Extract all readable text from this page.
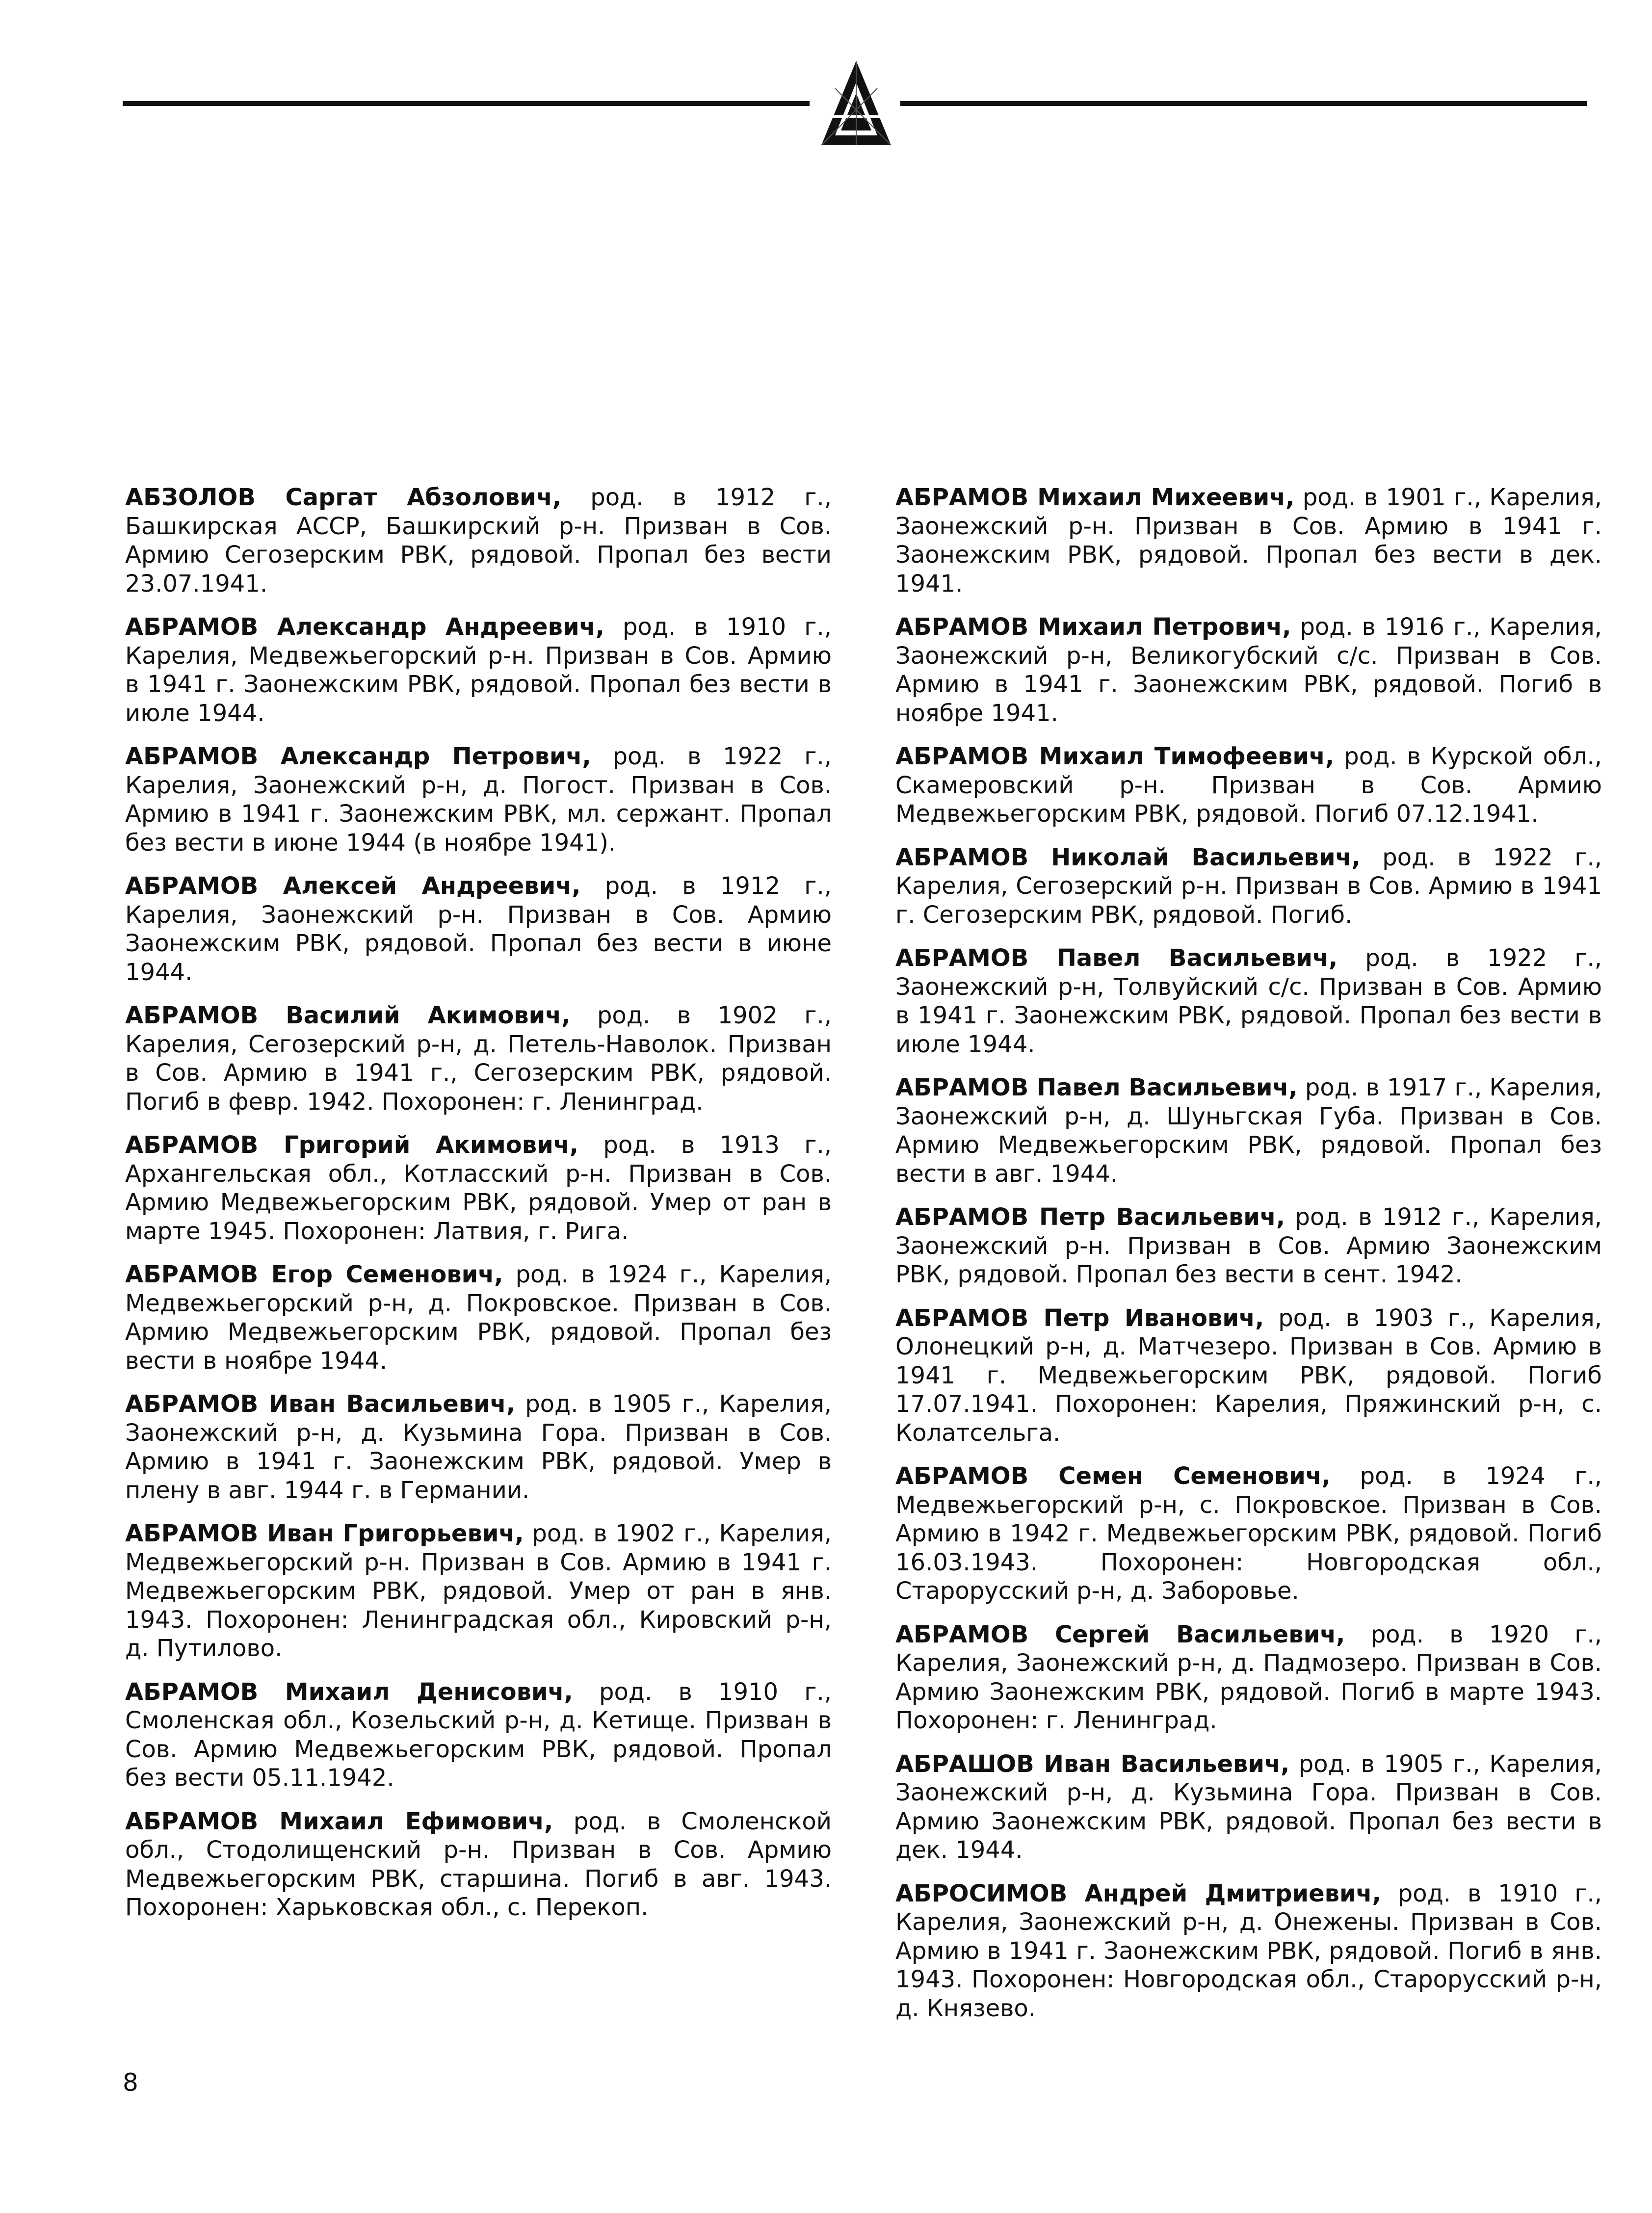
АБЗОЛОВ Саргат Абзолович, род. в 1912 г., Башкирская АССР, Башкирский р-н. Призван в Сов. Армию Сегозерским РВК, рядовой. Пропал без вести 23.07.1941.

АБРАМОВ Александр Андреевич, род. в 1910 г., Карелия, Медвежьегорский р-н. Призван в Сов. Армию в 1941 г. Заонежским РВК, рядовой. Пропал без вести в июле 1944.

АБРАМОВ Александр Петрович, род. в 1922 г., Карелия, Заонежский р-н, д. Погост. Призван в Сов. Армию в 1941 г. Заонежским РВК, мл. сержант. Пропал без вести в июне 1944 (в ноябре 1941).

АБРАМОВ Алексей Андреевич, род. в 1912 г., Карелия, Заонежский р-н. Призван в Сов. Армию Заонежским РВК, рядовой. Пропал без вести в июне 1944.

АБРАМОВ Василий Акимович, род. в 1902 г., Карелия, Сегозерский р-н, д. Петель-Наволок. Призван в Сов. Армию в 1941 г., Сегозерским РВК, рядовой. Погиб в февр. 1942. Похоронен: г. Ленинград.

АБРАМОВ Григорий Акимович, род. в 1913 г., Архангельская обл., Котласский р-н. Призван в Сов. Армию Медвежьегорским РВК, рядовой. Умер от ран в марте 1945. Похоронен: Латвия, г. Рига.

АБРАМОВ Егор Семенович, род. в 1924 г., Карелия, Медвежьегорский р-н, д. Покровское. Призван в Сов. Армию Медвежьегорским РВК, рядовой. Пропал без вести в ноябре 1944.

АБРАМОВ Иван Васильевич, род. в 1905 г., Карелия, Заонежский р-н, д. Кузьмина Гора. Призван в Сов. Армию в 1941 г. Заонежским РВК, рядовой. Умер в плену в авг. 1944 г. в Германии.

АБРАМОВ Иван Григорьевич, род. в 1902 г., Карелия, Медвежьегорский р-н. Призван в Сов. Армию в 1941 г. Медвежьегорским РВК, рядовой. Умер от ран в янв. 1943. Похоронен: Ленинградская обл., Кировский р-н, д. Путилово.

АБРАМОВ Михаил Денисович, род. в 1910 г., Смоленская обл., Козельский р-н, д. Кетище. Призван в Сов. Армию Медвежьегорским РВК, рядовой. Пропал без вести 05.11.1942.

АБРАМОВ Михаил Ефимович, род. в Смоленской обл., Стодолищенский р-н. Призван в Сов. Армию Медвежьегорским РВК, старшина. Погиб в авг. 1943. Похоронен: Харьковская обл., с. Перекоп.

АБРАМОВ Михаил Михеевич, род. в 1901 г., Карелия, Заонежский р-н. Призван в Сов. Армию в 1941 г. Заонежским РВК, рядовой. Пропал без вести в дек. 1941.

АБРАМОВ Михаил Петрович, род. в 1916 г., Карелия, Заонежский р-н, Великогубский с/с. Призван в Сов. Армию в 1941 г. Заонежским РВК, рядовой. Погиб в ноябре 1941.

АБРАМОВ Михаил Тимофеевич, род. в Курской обл., Скамеровский р-н. Призван в Сов. Армию Медвежьегорским РВК, рядовой. Погиб 07.12.1941.

АБРАМОВ Николай Васильевич, род. в 1922 г., Карелия, Сегозерский р-н. Призван в Сов. Армию в 1941 г. Сегозерским РВК, рядовой. Погиб.

АБРАМОВ Павел Васильевич, род. в 1922 г., Заонежский р-н, Толвуйский с/с. Призван в Сов. Армию в 1941 г. Заонежским РВК, рядовой. Пропал без вести в июле 1944.

АБРАМОВ Павел Васильевич, род. в 1917 г., Карелия, Заонежский р-н, д. Шуньгская Губа. Призван в Сов. Армию Медвежьегорским РВК, рядовой. Пропал без вести в авг. 1944.

АБРАМОВ Петр Васильевич, род. в 1912 г., Карелия, Заонежский р-н. Призван в Сов. Армию Заонежским РВК, рядовой. Пропал без вести в сент. 1942.

АБРАМОВ Петр Иванович, род. в 1903 г., Карелия, Олонецкий р-н, д. Матчезеро. Призван в Сов. Армию в 1941 г. Медвежьегорским РВК, рядовой. Погиб 17.07.1941. Похоронен: Карелия, Пряжинский р-н, с. Колатсельга.

АБРАМОВ Семен Семенович, род. в 1924 г., Медвежьегорский р-н, с. Покровское. Призван в Сов. Армию в 1942 г. Медвежьегорским РВК, рядовой. Погиб 16.03.1943. Похоронен: Новгородская обл., Старорусский р-н, д. Заборовье.

АБРАМОВ Сергей Васильевич, род. в 1920 г., Карелия, Заонежский р-н, д. Падмозеро. Призван в Сов. Армию Заонежским РВК, рядовой. Погиб в марте 1943. Похоронен: г. Ленинград.

АБРАШОВ Иван Васильевич, род. в 1905 г., Карелия, Заонежский р-н, д. Кузьмина Гора. Призван в Сов. Армию Заонежским РВК, рядовой. Пропал без вести в дек. 1944.

АБРОСИМОВ Андрей Дмитриевич, род. в 1910 г., Карелия, Заонежский р-н, д. Онежены. Призван в Сов. Армию в 1941 г. Заонежским РВК, рядовой. Погиб в янв. 1943. Похоронен: Новгородская обл., Старорусский р-н, д. Князево.

8
